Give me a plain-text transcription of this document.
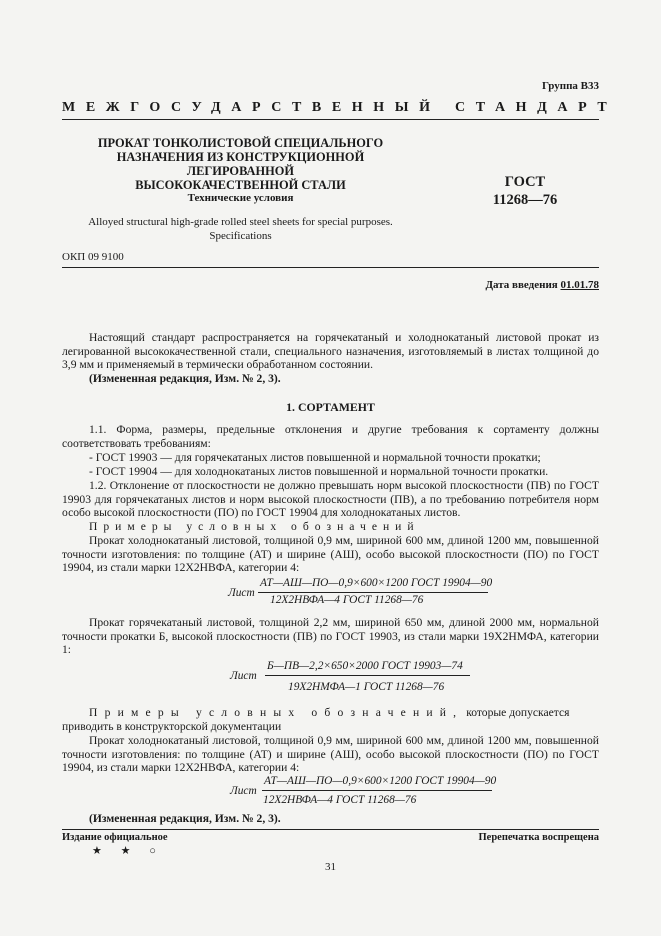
Группа В33
МЕЖГОСУДАРСТВЕННЫЙ СТАНДАРТ
ПРОКАТ ТОНКОЛИСТОВОЙ СПЕЦИАЛЬНОГО
НАЗНАЧЕНИЯ ИЗ КОНСТРУКЦИОННОЙ ЛЕГИРОВАННОЙ
ВЫСОКОКАЧЕСТВЕННОЙ СТАЛИ
Технические условия
Alloyed structural high-grade rolled steel sheets for special purposes.
Specifications
ГОСТ
11268—76
ОКП 09 9100
Дата введения 01.01.78

Настоящий стандарт распространяется на горячекатаный и холоднокатаный листовой прокат из легированной высококачественной стали, специального назначения, изготовляемый в листах толщиной до 3,9 мм и применяемый в термически обработанном состоянии.

(Измененная редакция, Изм. № 2, 3).

1. СОРТАМЕНТ

1.1. Форма, размеры, предельные отклонения и другие требования к сортаменту должны соответствовать требованиям:

- ГОСТ 19903 — для горячекатаных листов повышенной и нормальной точности прокатки;

- ГОСТ 19904 — для холоднокатаных листов повышенной и нормальной точности прокатки.

1.2. Отклонение от плоскостности не должно превышать норм высокой плоскостности (ПВ) по ГОСТ 19903 для горячекатаных листов и норм высокой плоскостности (ПВ), а по требованию потребителя норм особо высокой плоскостности (ПО) по ГОСТ 19904 для холоднокатаных листов.

Примеры условных обозначений

Прокат холоднокатаный листовой, толщиной 0,9 мм, шириной 600 мм, длиной 1200 мм, повышенной точности изготовления: по толщине (АТ) и ширине (АШ), особо высокой плоскостности (ПО) по ГОСТ 19904, из стали марки 12Х2НВФА, категории 4:

Лист
АТ—АШ—ПО—0,9×600×1200 ГОСТ 19904—90
12Х2НВФА—4 ГОСТ 11268—76

Прокат горячекатаный листовой, толщиной 2,2 мм, шириной 650 мм, длиной 2000 мм, нормальной точности прокатки Б, высокой плоскостности (ПВ) по ГОСТ 19903, из стали марки 19Х2НМФА, категории 1:

Лист
Б—ПВ—2,2×650×2000 ГОСТ 19903—74
19Х2НМФА—1 ГОСТ 11268—76

Примеры условных обозначений, которые допускается приводить в конструкторской документации

Прокат холоднокатаный листовой, толщиной 0,9 мм, шириной 600 мм, длиной 1200 мм, повышенной точности изготовления: по толщине (АТ) и ширине (АШ), особо высокой плоскостности (ПО) по ГОСТ 19904, из стали марки 12Х2НВФА, категории 4:

Лист
АТ—АШ—ПО—0,9×600×1200 ГОСТ 19904—90
12Х2НВФА—4 ГОСТ 11268—76

(Измененная редакция, Изм. № 2, 3).

Издание официальное	Перепечатка воспрещена
★ ★ ○
31
